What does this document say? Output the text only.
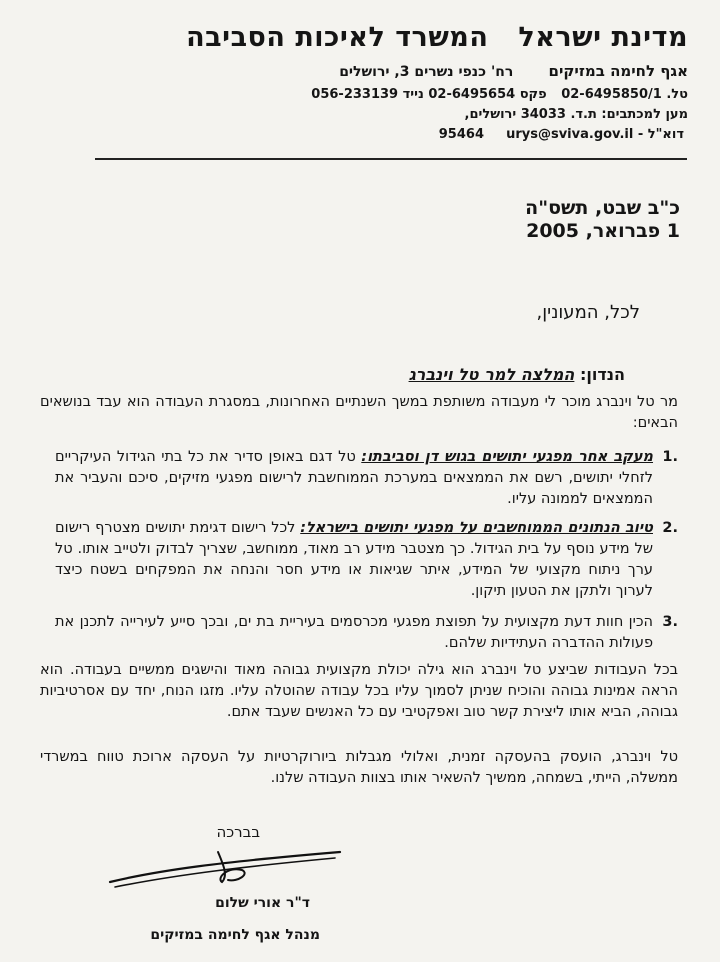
מדינת ישראלהמשרד לאיכות הסביבה
אגף לחימה במזיקים רח' כנפי נשרים 3, ירושלים
טל. 02-6495850/1 פקס 02-6495654 נייד 056-233139
מען למכתבים: ת.ד. 34033 ירושלים,
95464	דוא"ל - urys@sviva.gov.il
כ"ב שבט, תשס"ה
1 פברואר, 2005
לכל, המעונין,
הנדון: המלצה למר טל וינברג
מר טל וינברג מוכר לי מעבודה משותפת במשך השנתיים האחרונות, במסגרת העבודה הוא עבד בנושאים הבאים:
.1
מעקב אחר מפגעי יתושים בגוש דן וסביבתו: טל דגם באופן סדיר את כל בתי הגידול העיקריים לזחלי יתושים, רשם את הממצאים במערכת הממוחשבת לרישום מפגעי מזיקים, סיכם והעביר את הממצאים לממונה עליו.
.2
טיוב הנתונים הממוחשבים על מפגעי יתושים בישראל: לכל רישום דגימת יתושים מצטרף רישום של מידע נוסף על בית הגידול. כך מצטבר מידע רב מאוד, ממוחשב, שצריך לבדוק ולטייב אותו. טל ערך ניתוח מקצועי של המידע, איתר שגיאות או מידע חסר והנחה את המפקחים בשטח כיצד לערוך ולתקן את הטעון תיקון.
.3
הכין חוות דעת מקצועית על תפוצת מפגעי מכרסמים בעיריית בת ים, ובכך סייע לעירייה לתכנן את פעולות ההדברה העתידיות שלהם.
בכל העבודות שביצע טל וינברג הוא גילה יכולת מקצועית גבוהה מאוד והישגים ממשיים בעבודה. הוא הראה אמינות גבוהה והוכיח שניתן לסמוך עליו בכל עבודה שהוטלה עליו. מזגו הנוח, יחד עם אסרטיביות גבוהה, הביא אותו ליצירת קשר טוב ואפקטיבי עם כל האנשים שעבד אתם.
טל וינברג, הועסק בהעסקה זמנית, ואלולי מגבלות ביורוקרטיות על העסקה ארוכת טווח במשרדי ממשלה, הייתי, בשמחה, ממשיך להשאיר אותו בצוות העבודה שלנו.
בברכה
ד"ר אורי שלום
מנהל אגף לחימה במזיקים
